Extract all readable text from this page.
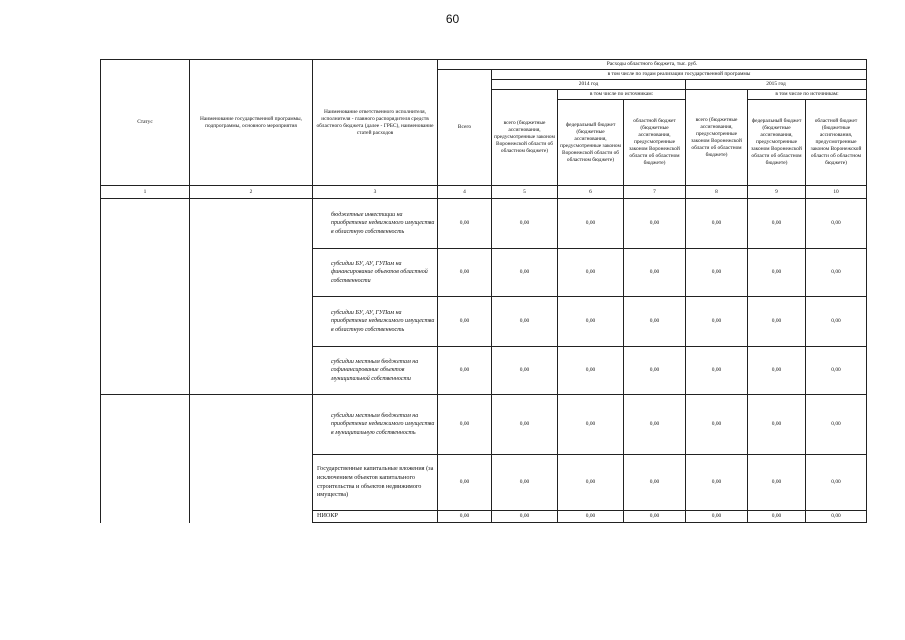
60
Статус	Наименование государственной программы, подпрограммы, основного мероприятия	Наименование ответственного исполнителя, исполнителя - главного распорядителя средств областного бюджета (далее - ГРБС), наименование статей расходов	Расходы областного бюджета, тыс. руб.						
			Всего	в том числе по годам реализации государственной программы					
				2014 год			2015 год		
				всего (бюджетные ассигнования, предусмотренные законом Воронежской области об областном бюджете)	в том числе по источникам:		всего (бюджетные ассигнования, предусмотренные законом Воронежской области об областном бюджете)	в том числе по источникам:	
					федеральный бюджет (бюджетные ассигнования, предусмотренные законом Воронежской области об областном бюджете)	областной бюджет (бюджетные ассигнования, предусмотренные законом Воронежской области об областном бюджете)		федеральный бюджет (бюджетные ассигнования, предусмотренные законом Воронежской области об областном бюджете)	областной бюджет (бюджетные ассигнования, предусмотренные законом Воронежской области об областном бюджете)
1	2	3	4	5	6	7	8	9	10
		бюджетные инвестиции на приобретение недвижимого имущества в областную собственность	0,00	0,00	0,00	0,00	0,00	0,00	0,00
		субсидии БУ, АУ, ГУПам на финансирование объектов областной собственности	0,00	0,00	0,00	0,00	0,00	0,00	0,00
		субсидии БУ, АУ, ГУПам на приобретение недвижимого имущества в областную собственность	0,00	0,00	0,00	0,00	0,00	0,00	0,00
		субсидии местным бюджетам на софинансирование объектов муниципальной собственности	0,00	0,00	0,00	0,00	0,00	0,00	0,00
		субсидии местным бюджетам на приобретение недвижимого имущества в муниципальную собственность	0,00	0,00	0,00	0,00	0,00	0,00	0,00
		Государственные капитальные вложения (за исключением объектов капитального строительства и объектов недвижимого имущества)	0,00	0,00	0,00	0,00	0,00	0,00	0,00
		НИОКР	0,00	0,00	0,00	0,00	0,00	0,00	0,00
